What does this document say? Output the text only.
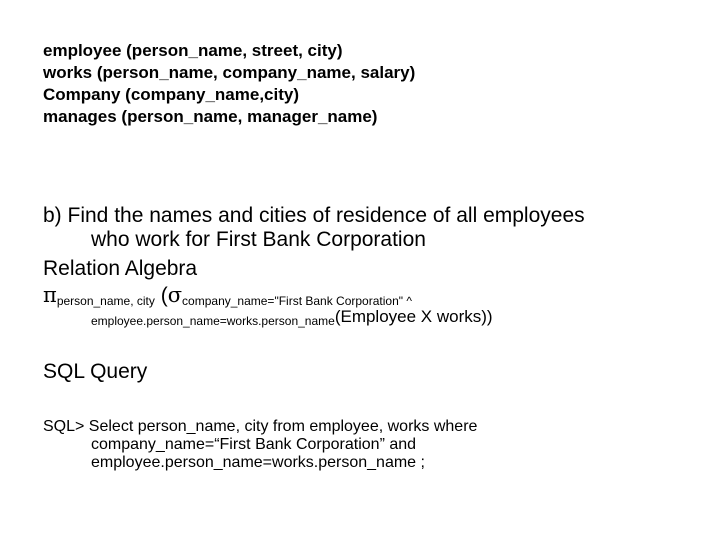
employee (person_name, street, city)
works (person_name, company_name, salary)
Company (company_name,city)
manages (person_name, manager_name)
b) Find the names and cities of residence of all employees
who work for First Bank Corporation
Relation Algebra
$\pi_{person\_name, city}$ (σcompany_name="First Bank Corporation" ^
$_{employee.person\_name=works.person\_name}$(Employee X works))
SQL Query
SQL> Select person_name, city from employee, works where
company_name=“First Bank Corporation” and
employee.person_name=works.person_name ;
